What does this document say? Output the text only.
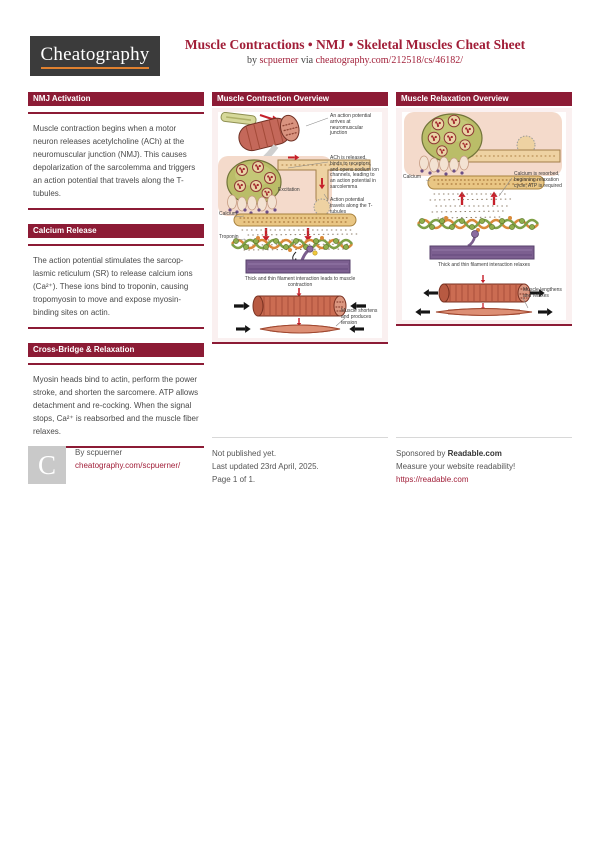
Cheatography	Muscle Contractions • NMJ • Skeletal Muscles Cheat Sheet
by scpuerner via cheatography.com/212518/cs/46182/
NMJ Activation
Muscle contraction begins when a motor neuron releases acetylcholine (ACh) at the neuromuscular junction (NMJ). This causes depolarization of the sarcolemma and triggers an action potential that travels along the T-tubules.
Calcium Release
The action potential stimulates the sarcoplasmic reticulum (SR) to release calcium ions (Ca²⁺). These ions bind to troponin, causing tropomyosin to move and expose myosin-binding sites on actin.
Cross-Bridge & Relaxation
Myosin heads bind to actin, perform the power stroke, and shorten the sarcomere. ATP allows detachment and re-cocking. When the signal stops, Ca²⁺ is reabsorbed and the muscle fiber relaxes.
Muscle Contraction Overview
An action potential arrives at neuromuscular junction
ACh is released, binds to receptors, and opens sodium ion channels, leading to an action potential in sarcolemma
Action potential travels along the T-tubules
Excitation
Calcium
Troponin
Thick and thin filament interaction leads to muscle contraction
Muscle shortens and produces tension
Muscle Relaxation Overview
Calcium	Calcium is resorbed, beginning relaxation cycle; ATP is required
Thick and thin filament interaction relaxes
Muscle lengthens and relaxes
C By scpuerner
cheatography.com/scpuerner/
Not published yet.
Last updated 23rd April, 2025.
Page 1 of 1.
Sponsored by Readable.com
Measure your website readability!
https://readable.com
